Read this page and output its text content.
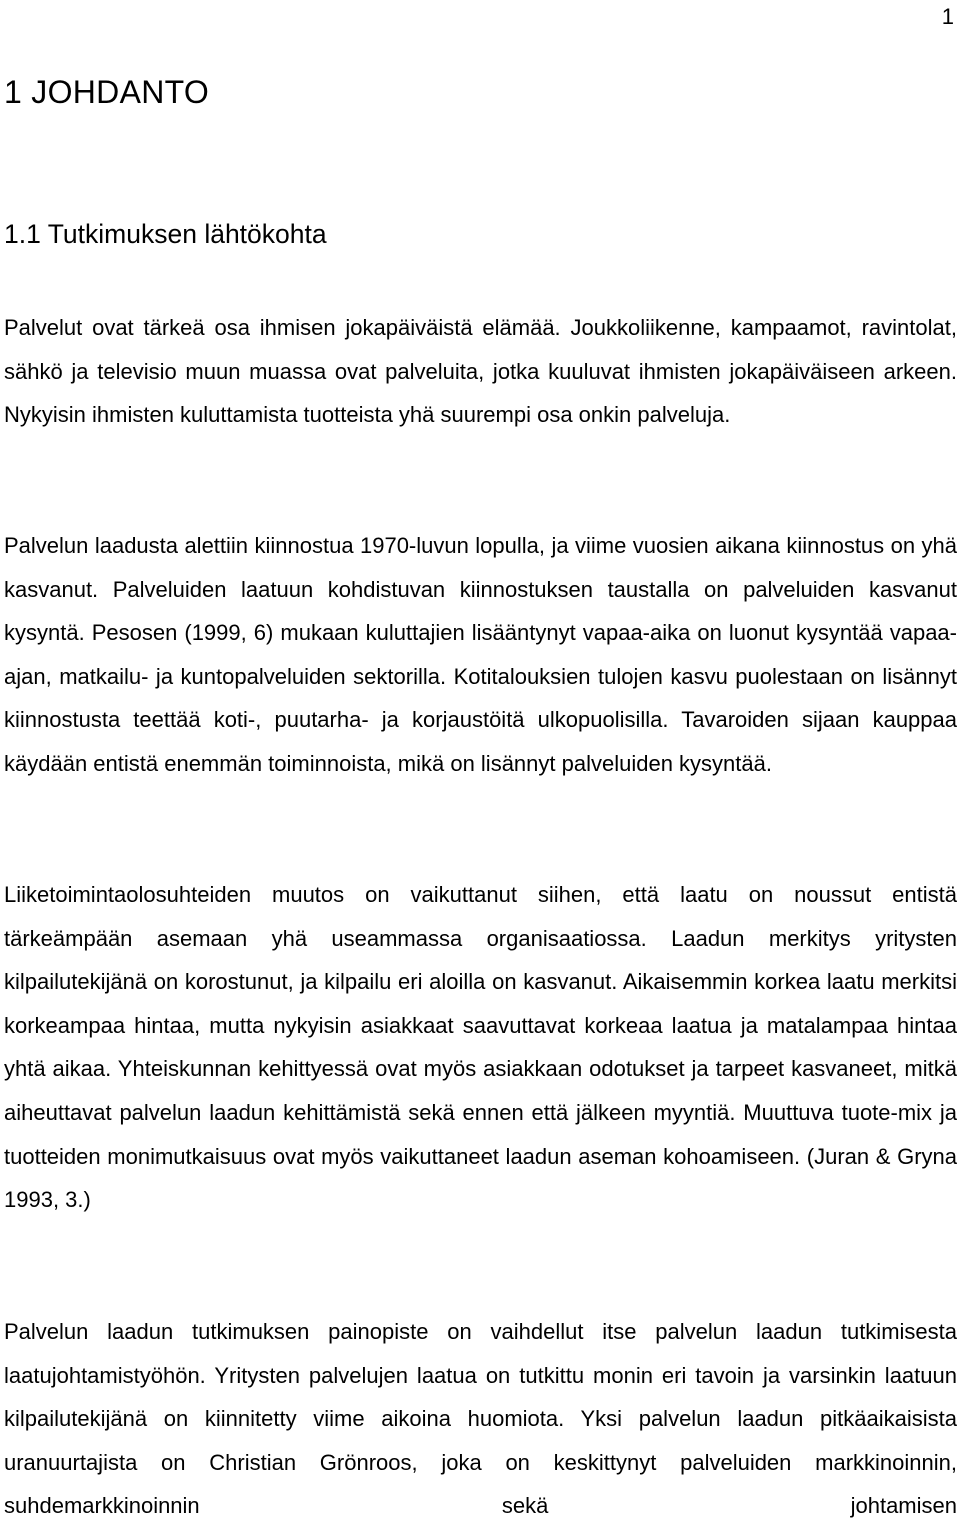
1
1 JOHDANTO
1.1 Tutkimuksen lähtökohta

Palvelut ovat tärkeä osa ihmisen jokapäiväistä elämää. Joukkoliikenne, kampaamot, ravintolat, sähkö ja televisio muun muassa ovat palveluita, jotka kuuluvat ihmisten jokapäiväiseen arkeen. Nykyisin ihmisten kuluttamista tuotteista yhä suurempi osa onkin palveluja.

Palvelun laadusta alettiin kiinnostua 1970-luvun lopulla, ja viime vuosien aikana kiinnostus on yhä kasvanut. Palveluiden laatuun kohdistuvan kiinnostuksen taustalla on palveluiden kasvanut kysyntä. Pesosen (1999, 6) mukaan kuluttajien lisääntynyt vapaa-aika on luonut kysyntää vapaa-ajan, matkailu- ja kuntopalveluiden sektorilla. Kotitalouksien tulojen kasvu puolestaan on lisännyt kiinnostusta teettää koti-, puutarha- ja korjaustöitä ulkopuolisilla. Tavaroiden sijaan kauppaa käydään entistä enemmän toiminnoista, mikä on lisännyt palveluiden kysyntää.

Liiketoimintaolosuhteiden muutos on vaikuttanut siihen, että laatu on noussut entistä tärkeämpään asemaan yhä useammassa organisaatiossa. Laadun merkitys yritysten kilpailutekijänä on korostunut, ja kilpailu eri aloilla on kasvanut. Aikaisemmin korkea laatu merkitsi korkeampaa hintaa, mutta nykyisin asiakkaat saavuttavat korkeaa laatua ja matalampaa hintaa yhtä aikaa. Yhteiskunnan kehittyessä ovat myös asiakkaan odotukset ja tarpeet kasvaneet, mitkä aiheuttavat palvelun laadun kehittämistä sekä ennen että jälkeen myyntiä. Muuttuva tuote-mix ja tuotteiden monimutkaisuus ovat myös vaikuttaneet laadun aseman kohoamiseen. (Juran & Gryna 1993, 3.)

Palvelun laadun tutkimuksen painopiste on vaihdellut itse palvelun laadun tutkimisesta laatujohtamistyöhön. Yritysten palvelujen laatua on tutkittu monin eri tavoin ja varsinkin laatuun kilpailutekijänä on kiinnitetty viime aikoina huomiota. Yksi palvelun laadun pitkäaikaisista uranuurtajista on Christian Grönroos, joka on keskittynyt palveluiden markkinoinnin, suhdemarkkinoinnin sekä johtamisen
